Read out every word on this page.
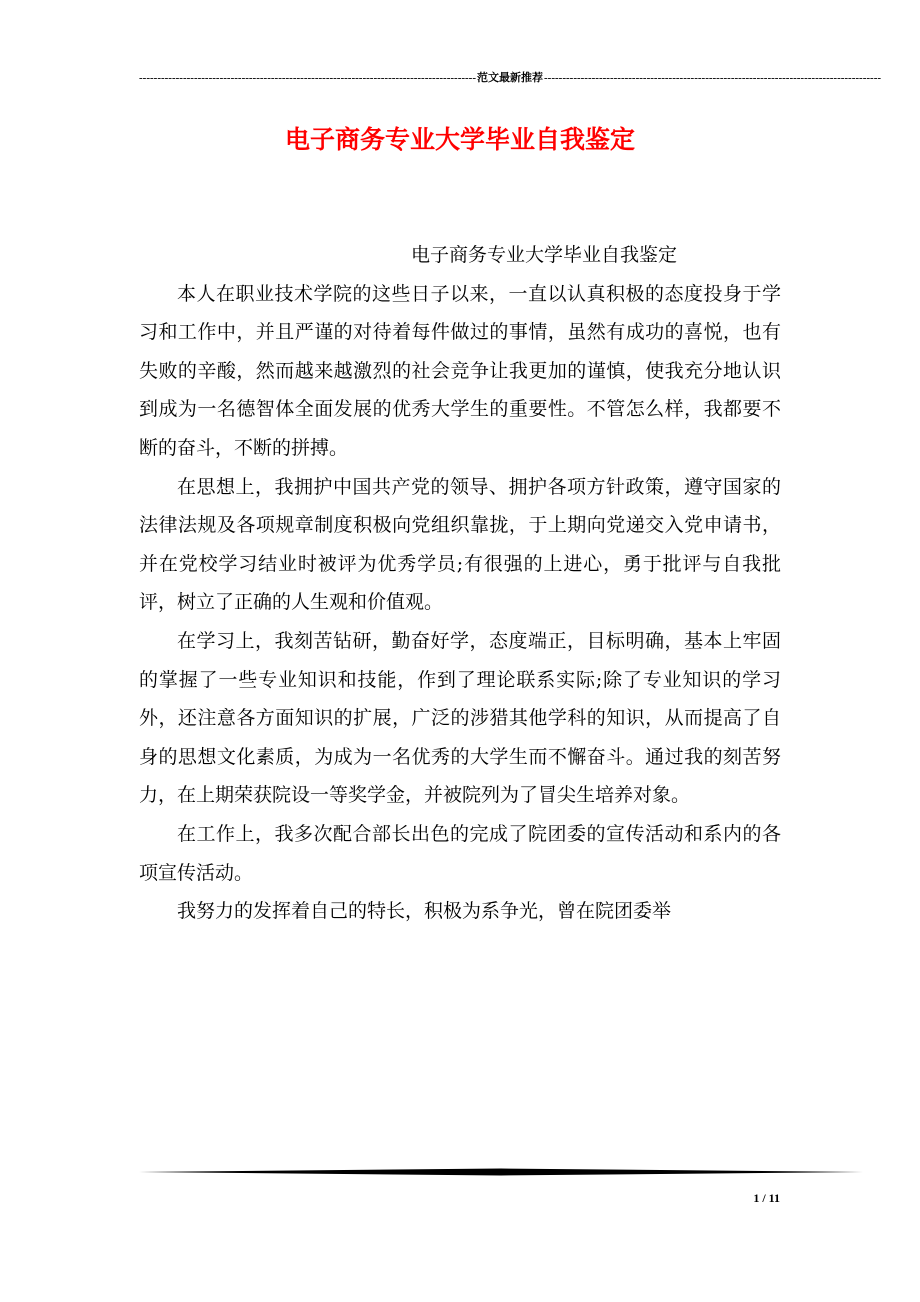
-------------------------------------------------------------------------------------------- 范文最新推荐 --------------------------------------------------------------------------------------------
电子商务专业大学毕业自我鉴定

电子商务专业大学毕业自我鉴定

本人在职业技术学院的这些日子以来，一直以认真积极的态度投身于学习和工作中，并且严谨的对待着每件做过的事情，虽然有成功的喜悦，也有失败的辛酸，然而越来越激烈的社会竞争让我更加的谨慎，使我充分地认识到成为一名德智体全面发展的优秀大学生的重要性。不管怎么样，我都要不断的奋斗，不断的拼搏。

在思想上，我拥护中国共产党的领导、拥护各项方针政策，遵守国家的法律法规及各项规章制度积极向党组织靠拢，于上期向党递交入党申请书，并在党校学习结业时被评为优秀学员;有很强的上进心，勇于批评与自我批评，树立了正确的人生观和价值观。

在学习上，我刻苦钻研，勤奋好学，态度端正，目标明确，基本上牢固的掌握了一些专业知识和技能，作到了理论联系实际;除了专业知识的学习外，还注意各方面知识的扩展，广泛的涉猎其他学科的知识，从而提高了自身的思想文化素质，为成为一名优秀的大学生而不懈奋斗。通过我的刻苦努力，在上期荣获院设一等奖学金，并被院列为了冒尖生培养对象。

在工作上，我多次配合部长出色的完成了院团委的宣传活动和系内的各项宣传活动。

我努力的发挥着自己的特长，积极为系争光，曾在院团委举

1 / 11
